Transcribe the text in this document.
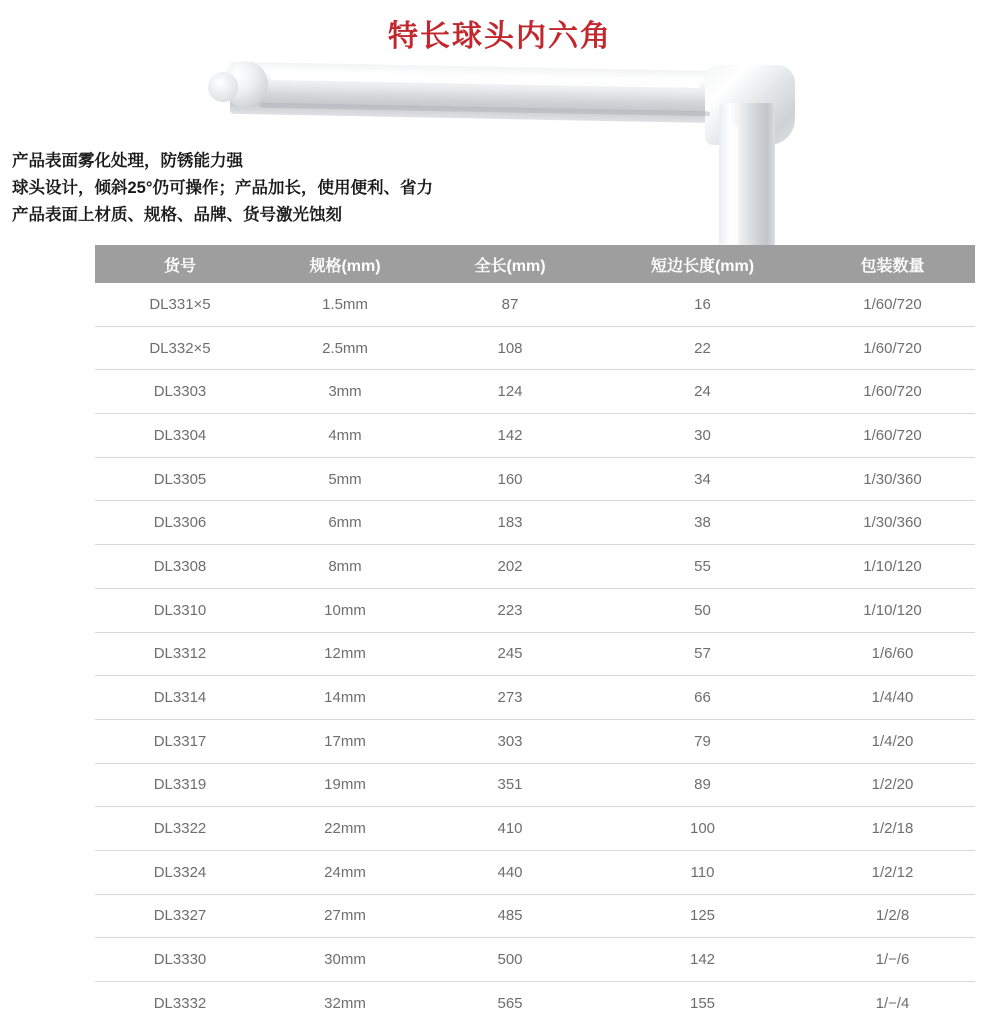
特长球头内六角
产品表面雾化处理，防锈能力强
球头设计，倾斜25°仍可操作；产品加长，使用便利、省力
产品表面上材质、规格、品牌、货号激光蚀刻
货号	规格(mm)	全长(mm)	短边长度(mm)	包装数量
DL331×5	1.5mm	87	16	1/60/720
DL332×5	2.5mm	108	22	1/60/720
DL3303	3mm	124	24	1/60/720
DL3304	4mm	142	30	1/60/720
DL3305	5mm	160	34	1/30/360
DL3306	6mm	183	38	1/30/360
DL3308	8mm	202	55	1/10/120
DL3310	10mm	223	50	1/10/120
DL3312	12mm	245	57	1/6/60
DL3314	14mm	273	66	1/4/40
DL3317	17mm	303	79	1/4/20
DL3319	19mm	351	89	1/2/20
DL3322	22mm	410	100	1/2/18
DL3324	24mm	440	110	1/2/12
DL3327	27mm	485	125	1/2/8
DL3330	30mm	500	142	1/−/6
DL3332	32mm	565	155	1/−/4
